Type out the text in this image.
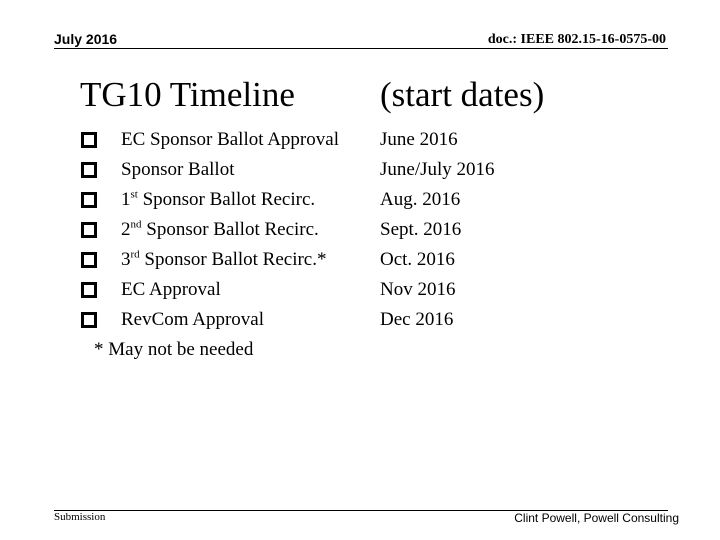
July 2016	doc.: IEEE 802.15-16-0575-00
TG10 Timeline (start dates)
EC Sponsor Ballot Approval June 2016
Sponsor Ballot	June/July 2016
1st Sponsor Ballot Recirc.	Aug. 2016
2nd Sponsor Ballot Recirc.	Sept. 2016
3rd Sponsor Ballot Recirc.*	Oct. 2016
EC Approval	Nov 2016
RevCom Approval	Dec 2016
* May not be needed
Submission	Clint Powell, Powell Consulting
